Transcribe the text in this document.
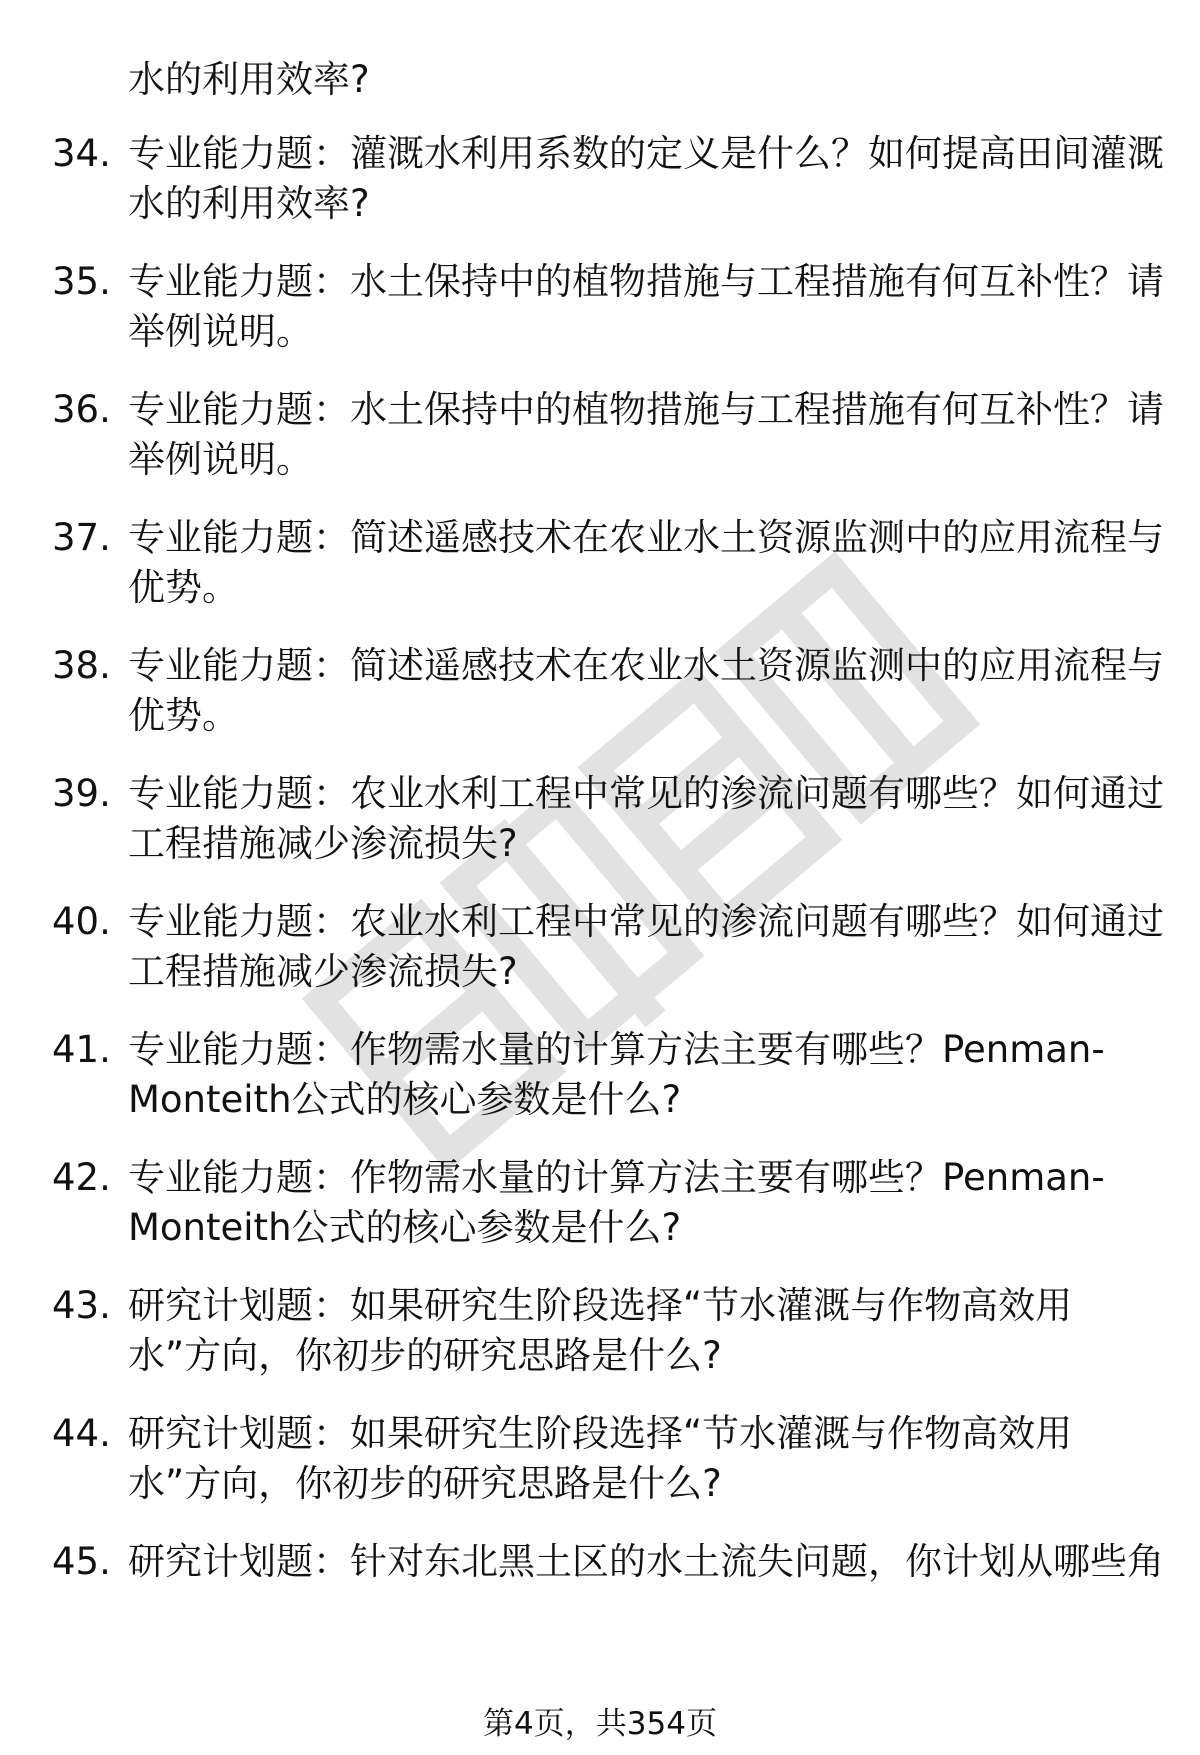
水的利用效率?
34. 专业能力题：灌溉水利用系数的定义是什么？如何提高田间灌溉
水的利用效率?
35. 专业能力题：水土保持中的植物措施与工程措施有何互补性？请
举例说明。
36. 专业能力题：水土保持中的植物措施与工程措施有何互补性？请
举例说明。
37. 专业能力题：简述遥感技术在农业水土资源监测中的应用流程与
优势。
38. 专业能力题：简述遥感技术在农业水土资源监测中的应用流程与
优势。
39. 专业能力题：农业水利工程中常见的渗流问题有哪些？如何通过
工程措施减少渗流损失?
40. 专业能力题：农业水利工程中常见的渗流问题有哪些？如何通过
工程措施减少渗流损失?
41. 专业能力题：作物需水量的计算方法主要有哪些？Penman-
Monteith公式的核心参数是什么?
42. 专业能力题：作物需水量的计算方法主要有哪些？Penman-
Monteith公式的核心参数是什么?
43. 研究计划题：如果研究生阶段选择“节水灌溉与作物高效用
水”方向，你初步的研究思路是什么?
44. 研究计划题：如果研究生阶段选择“节水灌溉与作物高效用
水”方向，你初步的研究思路是什么?
45. 研究计划题：针对东北黑土区的水土流失问题，你计划从哪些角
第4页，共354页
